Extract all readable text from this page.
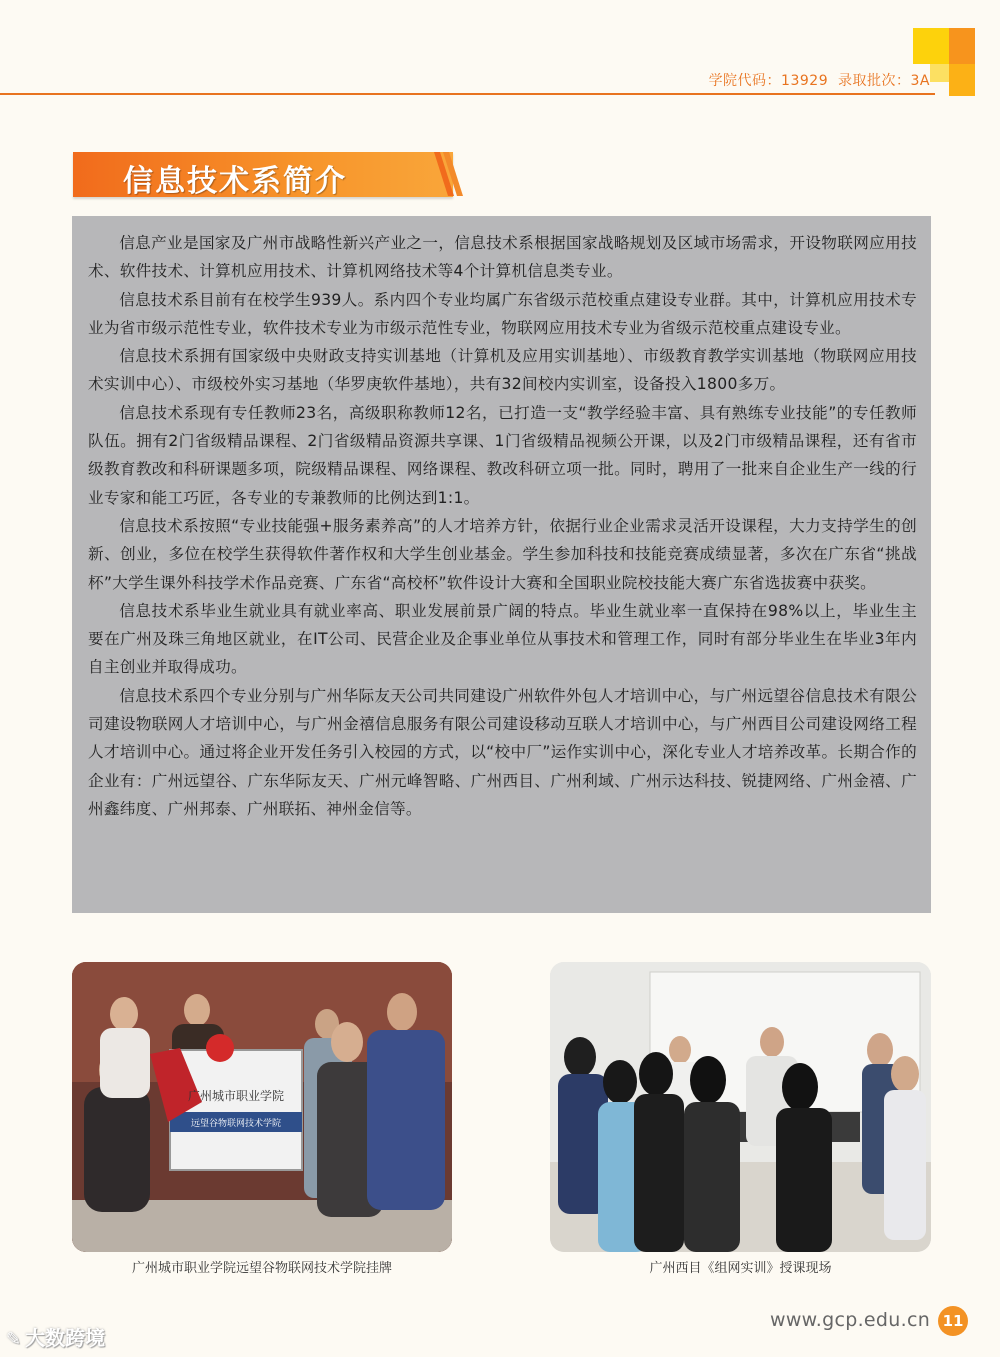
学院代码：13929 录取批次：3A
信息技术系简介

信息产业是国家及广州市战略性新兴产业之一，信息技术系根据国家战略规划及区域市场需求，开设物联网应用技术、软件技术、计算机应用技术、计算机网络技术等4个计算机信息类专业。

信息技术系目前有在校学生939人。系内四个专业均属广东省级示范校重点建设专业群。其中，计算机应用技术专业为省市级示范性专业，软件技术专业为市级示范性专业，物联网应用技术专业为省级示范校重点建设专业。

信息技术系拥有国家级中央财政支持实训基地（计算机及应用实训基地）、市级教育教学实训基地（物联网应用技术实训中心）、市级校外实习基地（华罗庚软件基地），共有32间校内实训室，设备投入1800多万。

信息技术系现有专任教师23名，高级职称教师12名，已打造一支“教学经验丰富、具有熟练专业技能”的专任教师队伍。拥有2门省级精品课程、2门省级精品资源共享课、1门省级精品视频公开课，以及2门市级精品课程，还有省市级教育教改和科研课题多项，院级精品课程、网络课程、教改科研立项一批。同时，聘用了一批来自企业生产一线的行业专家和能工巧匠，各专业的专兼教师的比例达到1:1。

信息技术系按照“专业技能强+服务素养高”的人才培养方针，依据行业企业需求灵活开设课程，大力支持学生的创新、创业，多位在校学生获得软件著作权和大学生创业基金。学生参加科技和技能竞赛成绩显著，多次在广东省“挑战杯”大学生课外科技学术作品竞赛、广东省“高校杯”软件设计大赛和全国职业院校技能大赛广东省选拔赛中获奖。

信息技术系毕业生就业具有就业率高、职业发展前景广阔的特点。毕业生就业率一直保持在98%以上，毕业生主要在广州及珠三角地区就业，在IT公司、民营企业及企事业单位从事技术和管理工作，同时有部分毕业生在毕业3年内自主创业并取得成功。

信息技术系四个专业分别与广州华际友天公司共同建设广州软件外包人才培训中心，与广州远望谷信息技术有限公司建设物联网人才培训中心，与广州金禧信息服务有限公司建设移动互联人才培训中心，与广州西目公司建设网络工程人才培训中心。通过将企业开发任务引入校园的方式，以“校中厂”运作实训中心，深化专业人才培养改革。长期合作的企业有：广州远望谷、广东华际友天、广州元峰智略、广州西目、广州利域、广州示达科技、锐捷网络、广州金禧、广州鑫纬度、广州邦泰、广州联拓、神州金信等。

广州城市职业学院
远望谷物联网技术学院
广州城市职业学院远望谷物联网技术学院挂牌	广州西目《组网实训》授课现场
www.gcp.edu.cn 11
✎ 大数跨境
